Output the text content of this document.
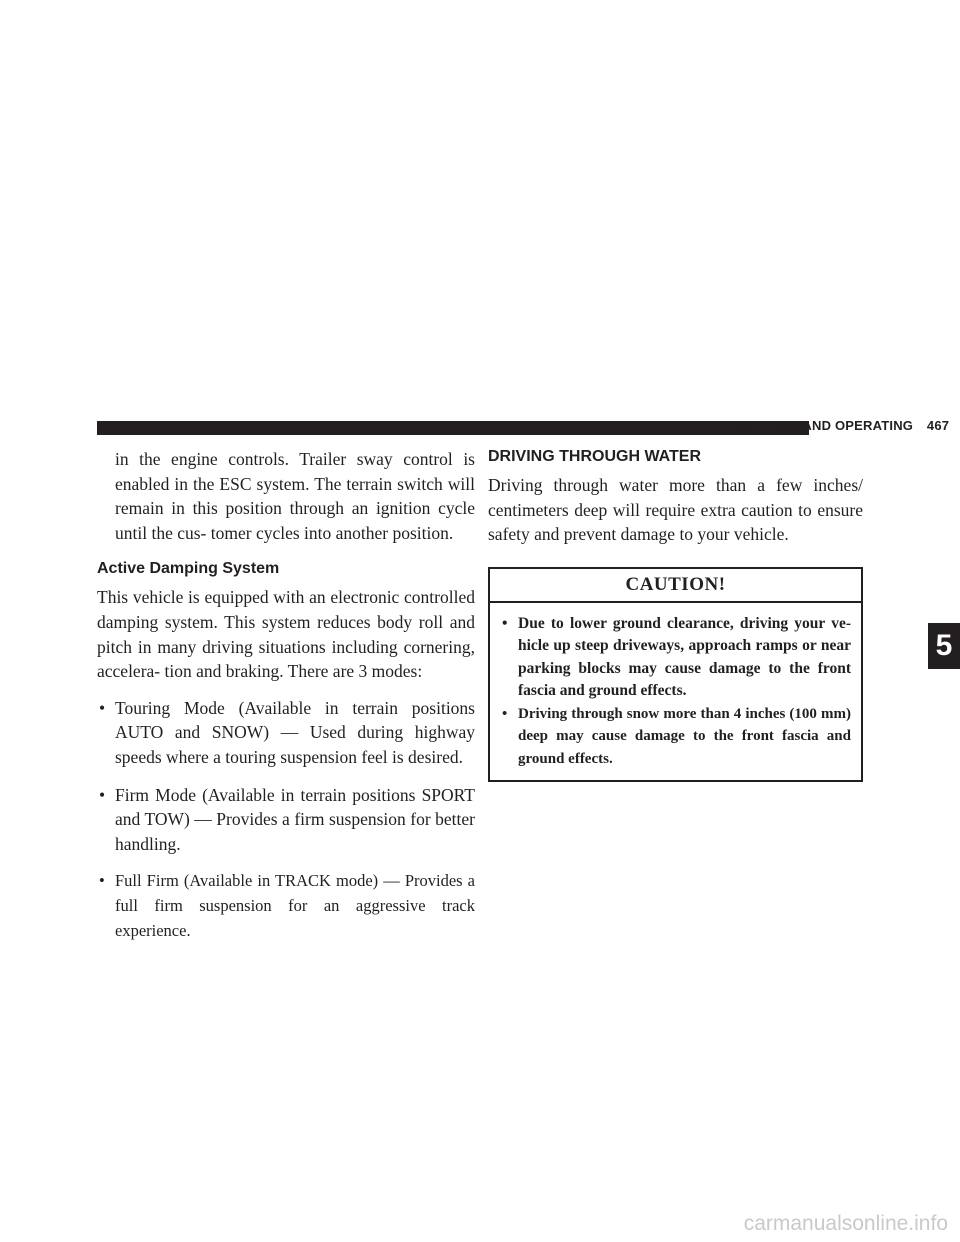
STARTING AND OPERATING 467

in the engine controls. Trailer sway control is enabled in the ESC system. The terrain switch will remain in this position through an ignition cycle until the cus- tomer cycles into another position.

Active Damping System

This vehicle is equipped with an electronic controlled damping system. This system reduces body roll and pitch in many driving situations including cornering, accelera- tion and braking. There are 3 modes:

• Touring Mode (Available in terrain positions AUTO and SNOW) — Used during highway speeds where a touring suspension feel is desired.
• Firm Mode (Available in terrain positions SPORT and TOW) — Provides a firm suspension for better handling.
• Full Firm (Available in TRACK mode) — Provides a full firm suspension for an aggressive track experience.
DRIVING THROUGH WATER

Driving through water more than a few inches/ centimeters deep will require extra caution to ensure safety and prevent damage to your vehicle.

CAUTION!
• Due to lower ground clearance, driving your ve- hicle up steep driveways, approach ramps or near parking blocks may cause damage to the front fascia and ground effects.
• Driving through snow more than 4 inches (100 mm) deep may cause damage to the front fascia and ground effects.
5
carmanualsonline.info
